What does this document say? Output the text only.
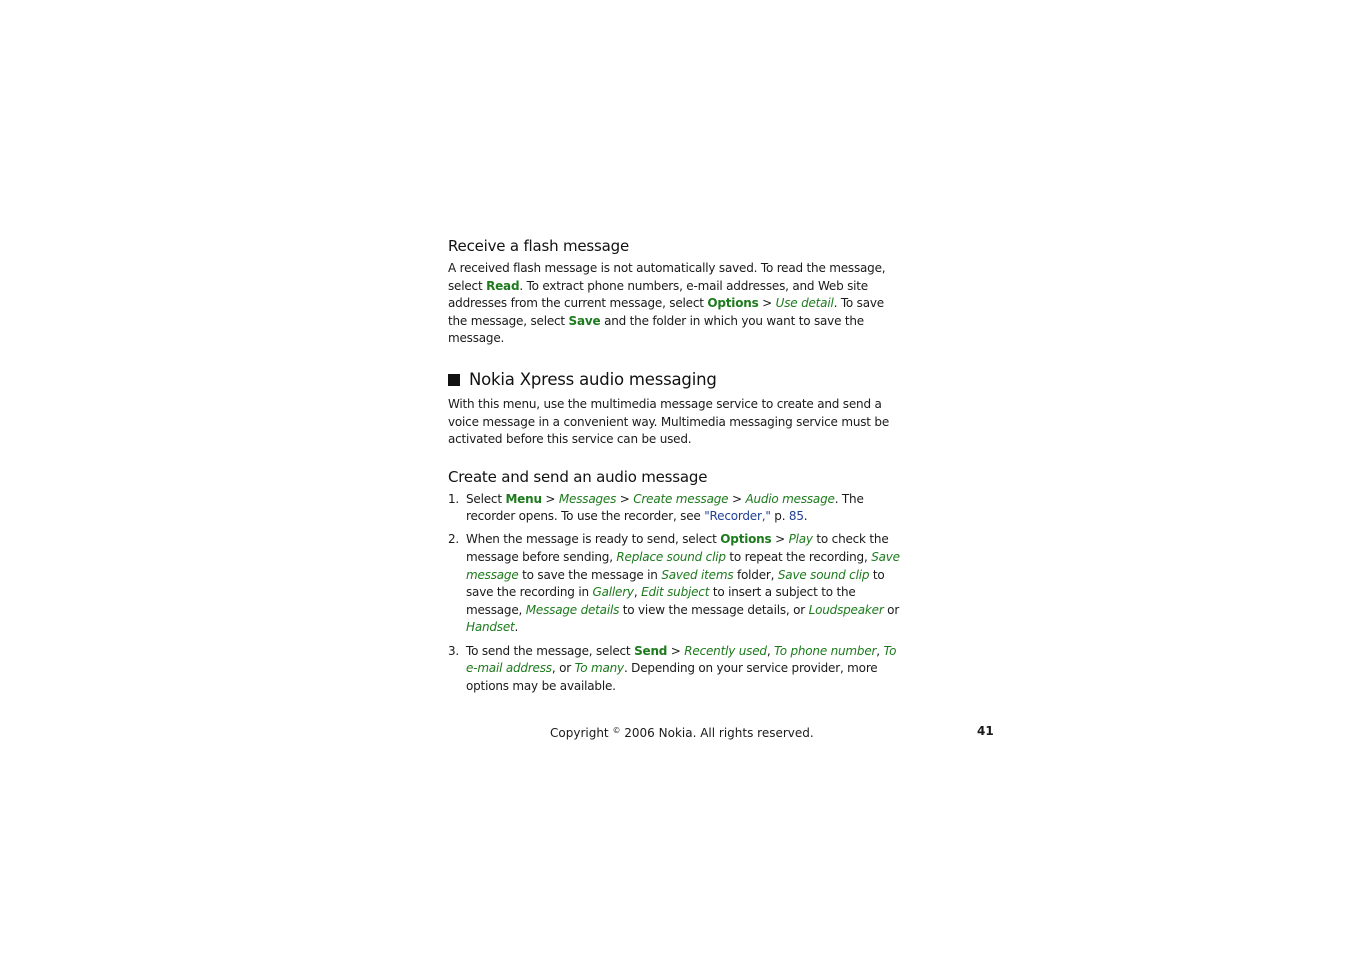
Receive a flash message

A received flash message is not automatically saved. To read the message, select Read. To extract phone numbers, e-mail addresses, and Web site addresses from the current message, select Options > Use detail. To save the message, select Save and the folder in which you want to save the message.

Nokia Xpress audio messaging

With this menu, use the multimedia message service to create and send a voice message in a convenient way. Multimedia messaging service must be activated before this service can be used.

Create and send an audio message
1. Select Menu > Messages > Create message > Audio message. The recorder opens. To use the recorder, see "Recorder," p. 85.
2. When the message is ready to send, select Options > Play to check the message before sending, Replace sound clip to repeat the recording, Save message to save the message in Saved items folder, Save sound clip to save the recording in Gallery, Edit subject to insert a subject to the message, Message details to view the message details, or Loudspeaker or Handset.
3. To send the message, select Send > Recently used, To phone number, To e-mail address, or To many. Depending on your service provider, more options may be available.
Copyright © 2006 Nokia. All rights reserved.	41
